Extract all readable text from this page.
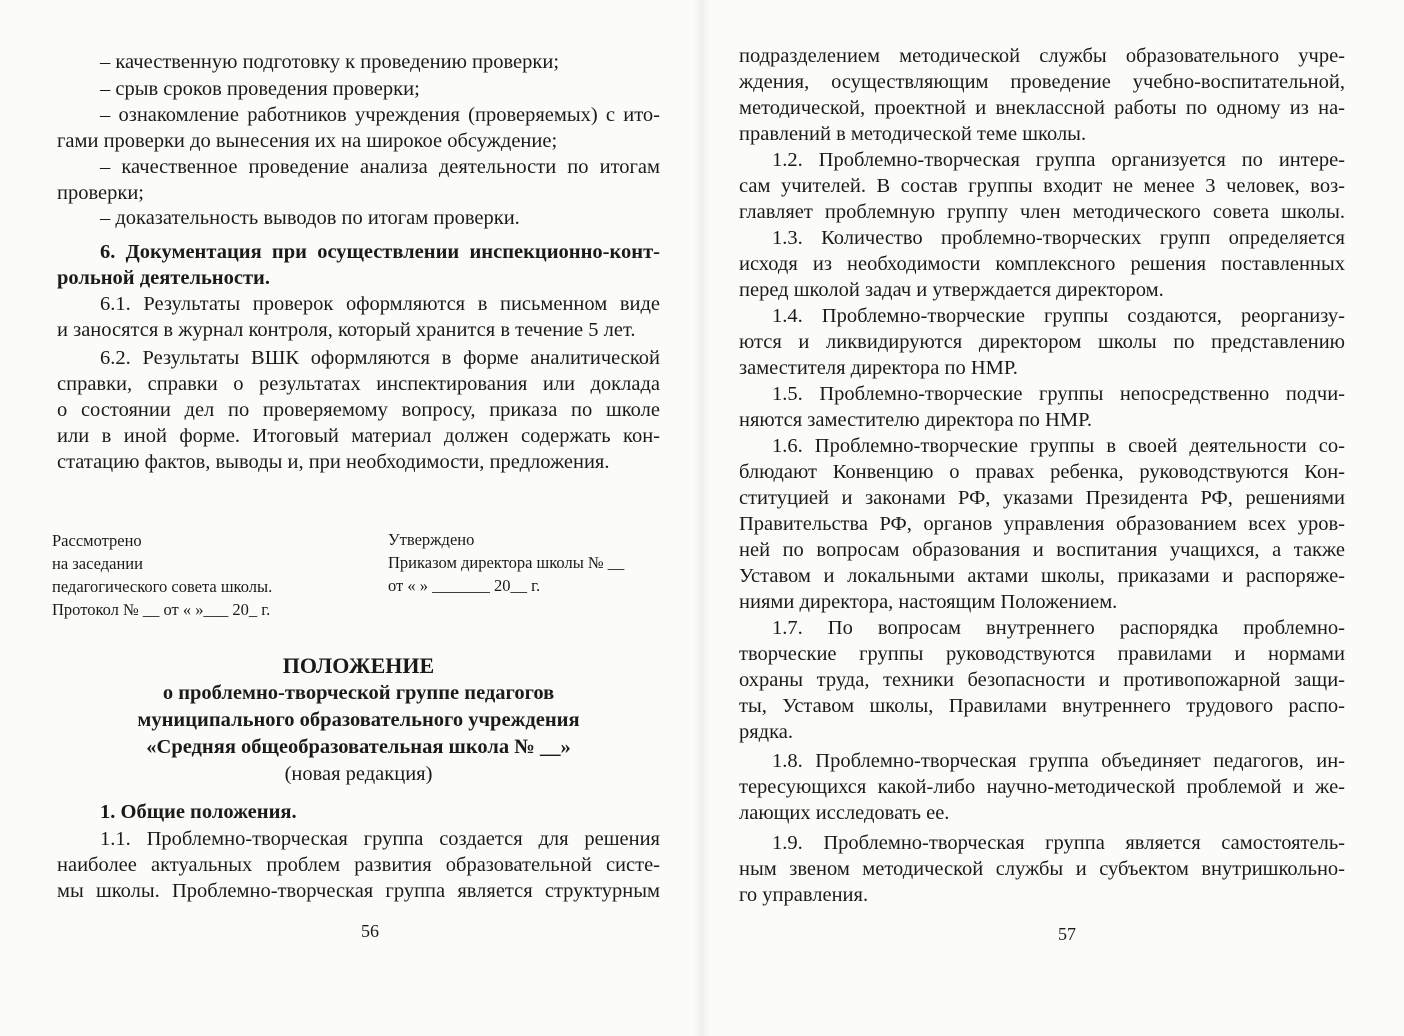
– качественную подготовку к проведению проверки;
– срыв сроков проведения проверки;
– ознакомление работников учреждения (проверяемых) с ито-
гами проверки до вынесения их на широкое обсуждение;
– качественное проведение анализа деятельности по итогам
проверки;
– доказательность выводов по итогам проверки.
6. Документация при осуществлении инспекционно-конт-
рольной деятельности.
6.1. Результаты проверок оформляются в письменном виде
и заносятся в журнал контроля, который хранится в течение 5 лет.
6.2. Результаты ВШК оформляются в форме аналитической
справки, справки о результатах инспектирования или доклада
о состоянии дел по проверяемому вопросу, приказа по школе
или в иной форме. Итоговый материал должен содержать кон-
статацию фактов, выводы и, при необходимости, предложения.
Рассмотрено
на заседании
педагогического совета школы.
Протокол № __ от « »___ 20_ г.
Утверждено
Приказом директора школы № __
от « » _______ 20__ г.
ПОЛОЖЕНИЕ
о проблемно-творческой группе педагогов
муниципального образовательного учреждения
«Средняя общеобразовательная школа № __»
(новая редакция)
1. Общие положения.
1.1. Проблемно-творческая группа создается для решения
наиболее актуальных проблем развития образовательной систе-
мы школы. Проблемно-творческая группа является структурным
56
подразделением методической службы образовательного учре-
ждения, осуществляющим проведение учебно-воспитательной,
методической, проектной и внеклассной работы по одному из на-
правлений в методической теме школы.
1.2. Проблемно-творческая группа организуется по интере-
сам учителей. В состав группы входит не менее 3 человек, воз-
главляет проблемную группу член методического совета школы.
1.3. Количество проблемно-творческих групп определяется
исходя из необходимости комплексного решения поставленных
перед школой задач и утверждается директором.
1.4. Проблемно-творческие группы создаются, реорганизу-
ются и ликвидируются директором школы по представлению
заместителя директора по НМР.
1.5. Проблемно-творческие группы непосредственно подчи-
няются заместителю директора по НМР.
1.6. Проблемно-творческие группы в своей деятельности со-
блюдают Конвенцию о правах ребенка, руководствуются Кон-
ституцией и законами РФ, указами Президента РФ, решениями
Правительства РФ, органов управления образованием всех уров-
ней по вопросам образования и воспитания учащихся, а также
Уставом и локальными актами школы, приказами и распоряже-
ниями директора, настоящим Положением.
1.7. По вопросам внутреннего распорядка проблемно-
творческие группы руководствуются правилами и нормами
охраны труда, техники безопасности и противопожарной защи-
ты, Уставом школы, Правилами внутреннего трудового распо-
рядка.
1.8. Проблемно-творческая группа объединяет педагогов, ин-
тересующихся какой-либо научно-методической проблемой и же-
лающих исследовать ее.
1.9. Проблемно-творческая группа является самостоятель-
ным звеном методической службы и субъектом внутришкольно-
го управления.
57
